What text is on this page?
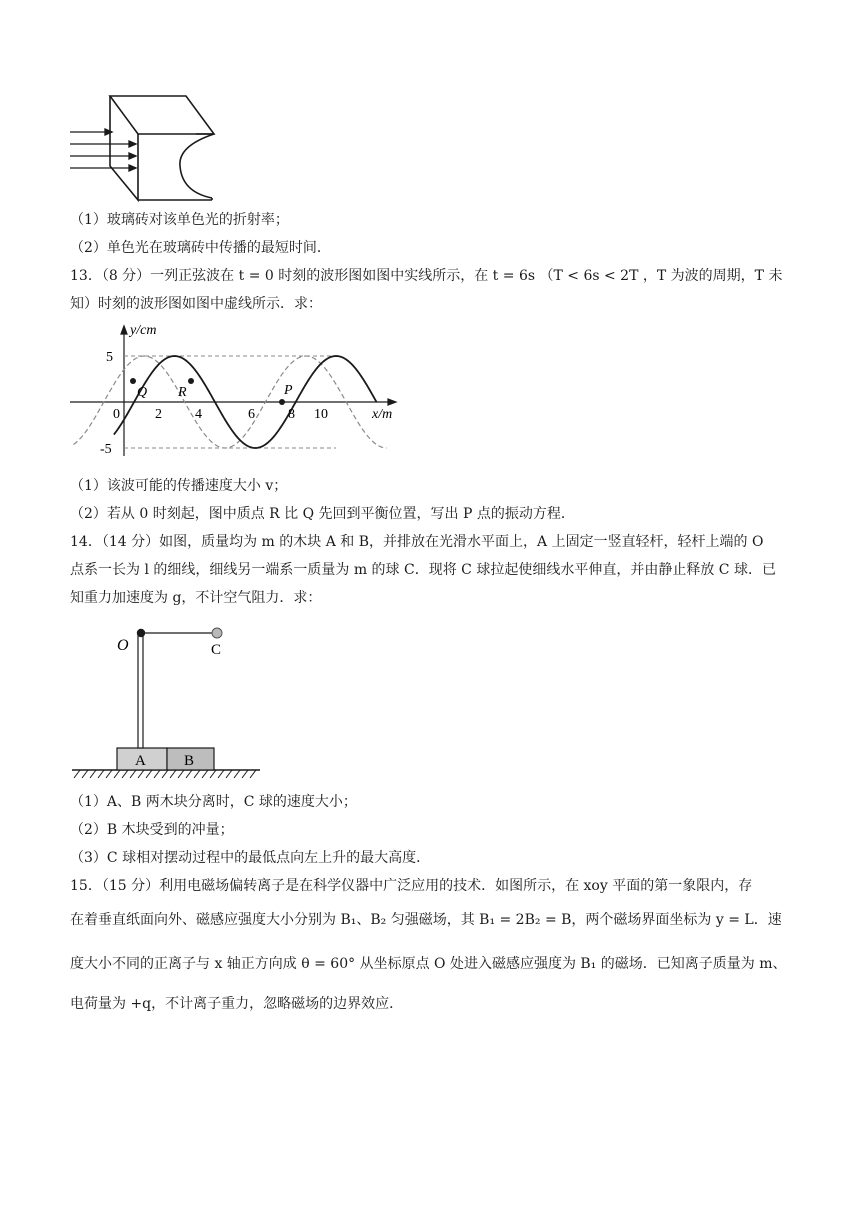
（1）玻璃砖对该单色光的折射率；
（2）单色光在玻璃砖中传播的最短时间．
13．（8 分）一列正弦波在 t = 0 时刻的波形图如图中实线所示，在 t = 6s （T < 6s < 2T ，T 为波的周期，T 未
知）时刻的波形图如图中虚线所示．求：
y/cm
x/m
5
-5
0	2 4	6 8 10
Q R	P
（1）该波可能的传播速度大小 v；
（2）若从 0 时刻起，图中质点 R 比 Q 先回到平衡位置，写出 P 点的振动方程．
14．（14 分）如图，质量均为 m 的木块 A 和 B，并排放在光滑水平面上，A 上固定一竖直轻杆，轻杆上端的 O
点系一长为 l 的细线，细线另一端系一质量为 m 的球 C．现将 C 球拉起使细线水平伸直，并由静止释放 C 球．已
知重力加速度为 g，不计空气阻力．求：
O	C
A	B
（1）A、B 两木块分离时，C 球的速度大小；
（2）B 木块受到的冲量；
（3）C 球相对摆动过程中的最低点向左上升的最大高度．
15．（15 分）利用电磁场偏转离子是在科学仪器中广泛应用的技术．如图所示，在 xoy 平面的第一象限内，存
在着垂直纸面向外、磁感应强度大小分别为 B₁、B₂ 匀强磁场，其 B₁ = 2B₂ = B，两个磁场界面坐标为 y = L．速
度大小不同的正离子与 x 轴正方向成 θ = 60° 从坐标原点 O 处进入磁感应强度为 B₁ 的磁场．已知离子质量为 m、
电荷量为 +q，不计离子重力，忽略磁场的边界效应．
